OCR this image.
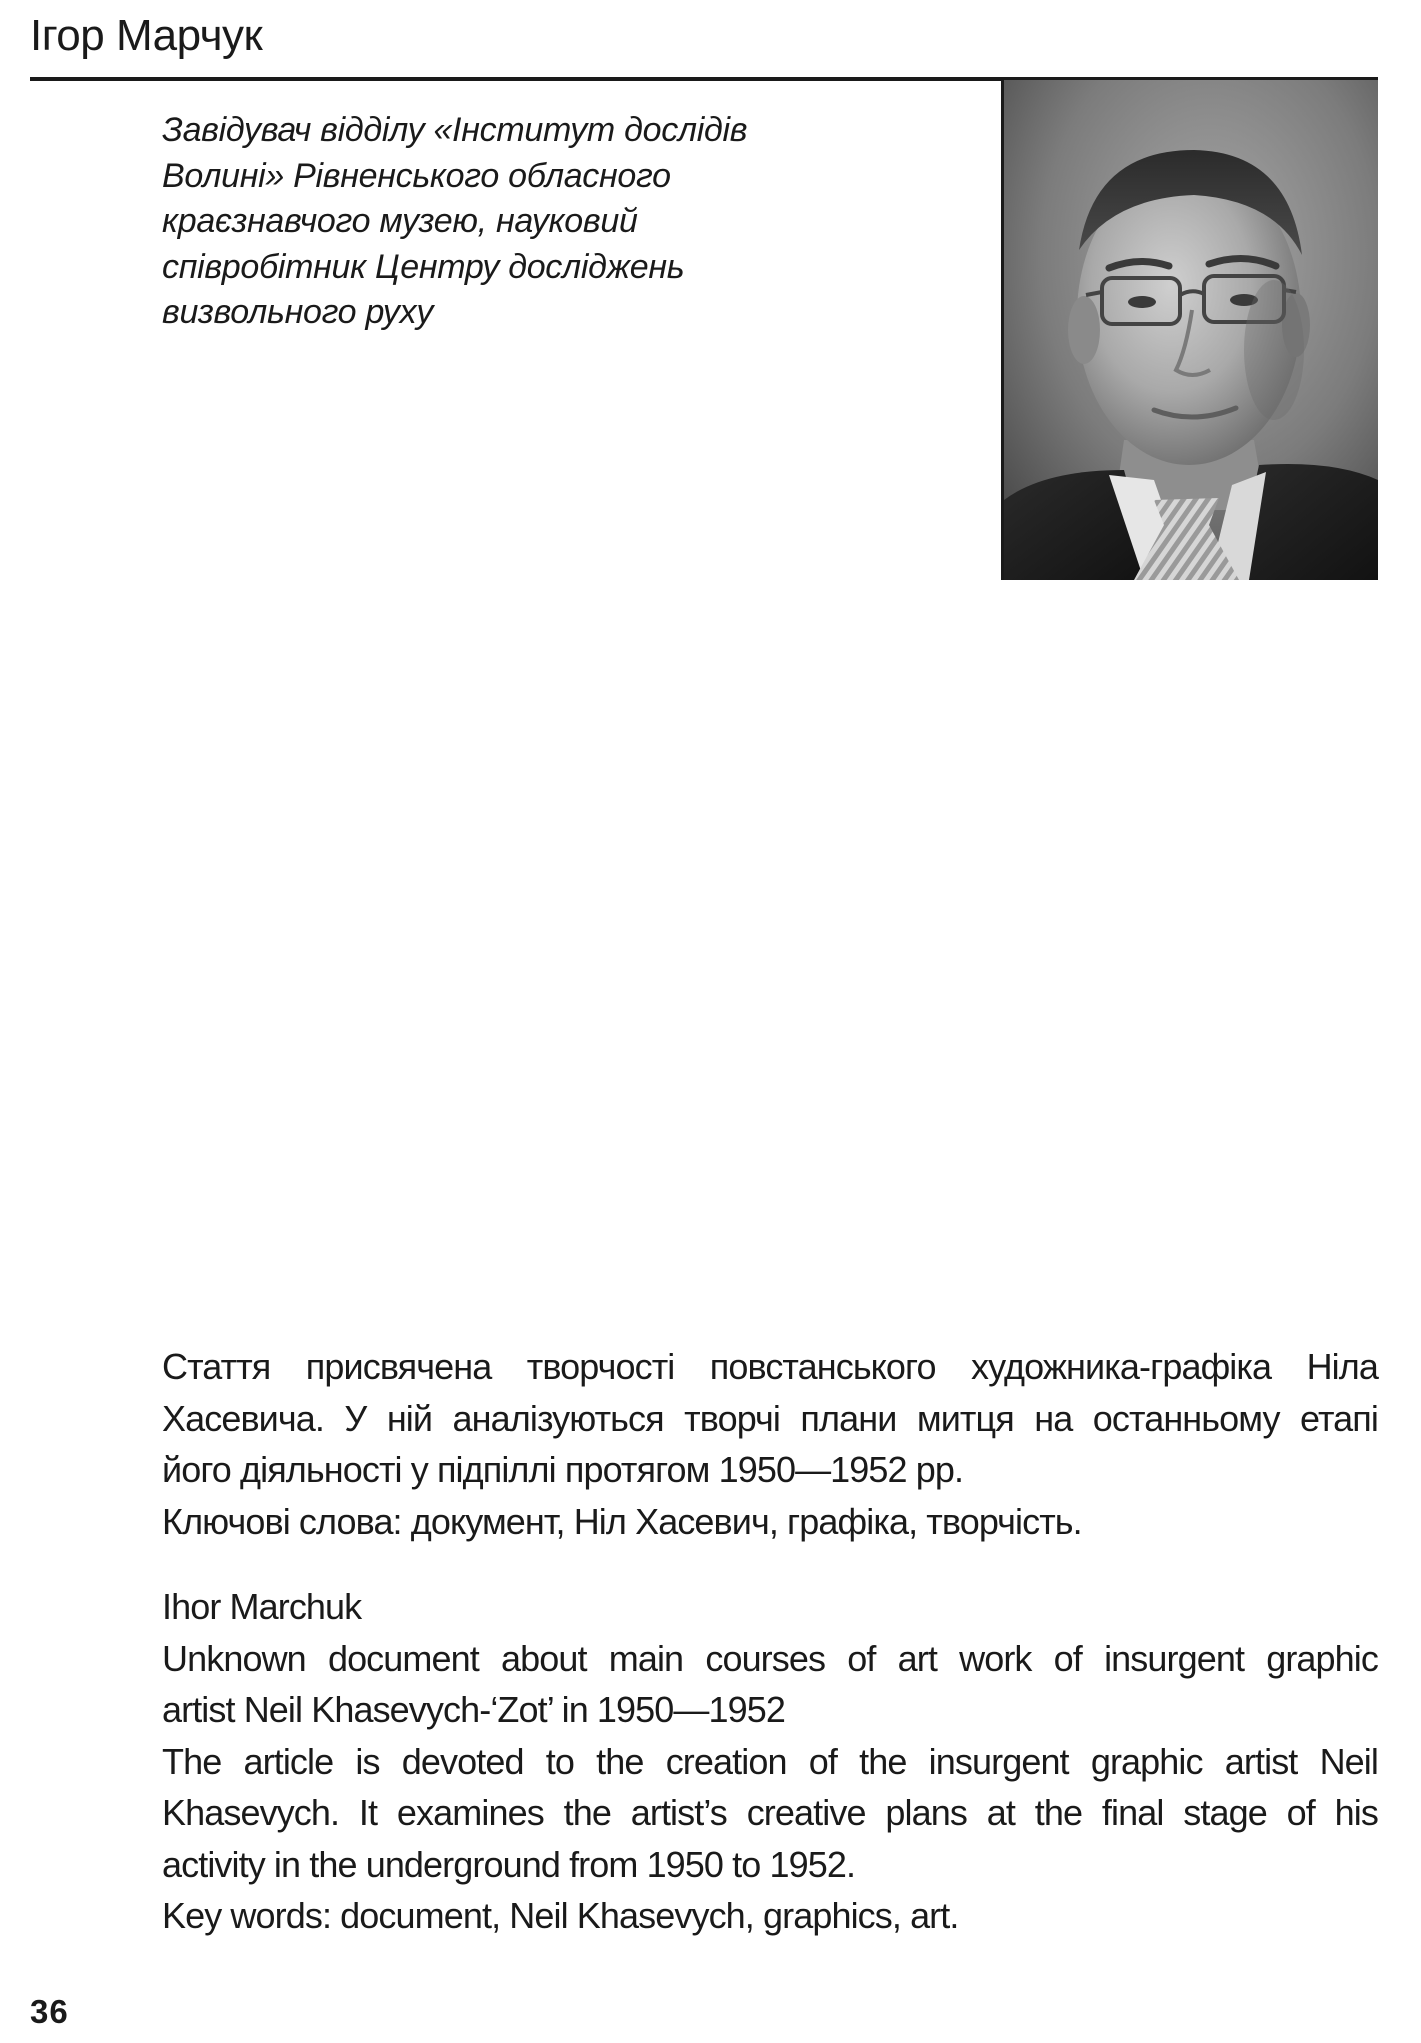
Ігор Марчук
Завідувач відділу «Інститут дослідів
Волині» Рівненського обласного
краєзнавчого музею, науковий
співробітник Центру досліджень
визвольного руху

Стаття присвячена творчості повстанського художника-графіка Ніла
Хасевича. У ній аналізуються творчі плани митця на останньому етапі
його діяльності у підпіллі протягом 1950—1952 рр.

Ключові слова: документ, Ніл Хасевич, графіка, творчість.

Ihor Marchuk

Unknown document about main courses of art work of insurgent graphic
artist Neil Khasevych-‘Zot’ in 1950—1952

The article is devoted to the creation of the insurgent graphic artist Neil
Khasevych. It examines the artist’s creative plans at the final stage of his
activity in the underground from 1950 to 1952.

Key words: document, Neil Khasevych, graphics, art.

36
